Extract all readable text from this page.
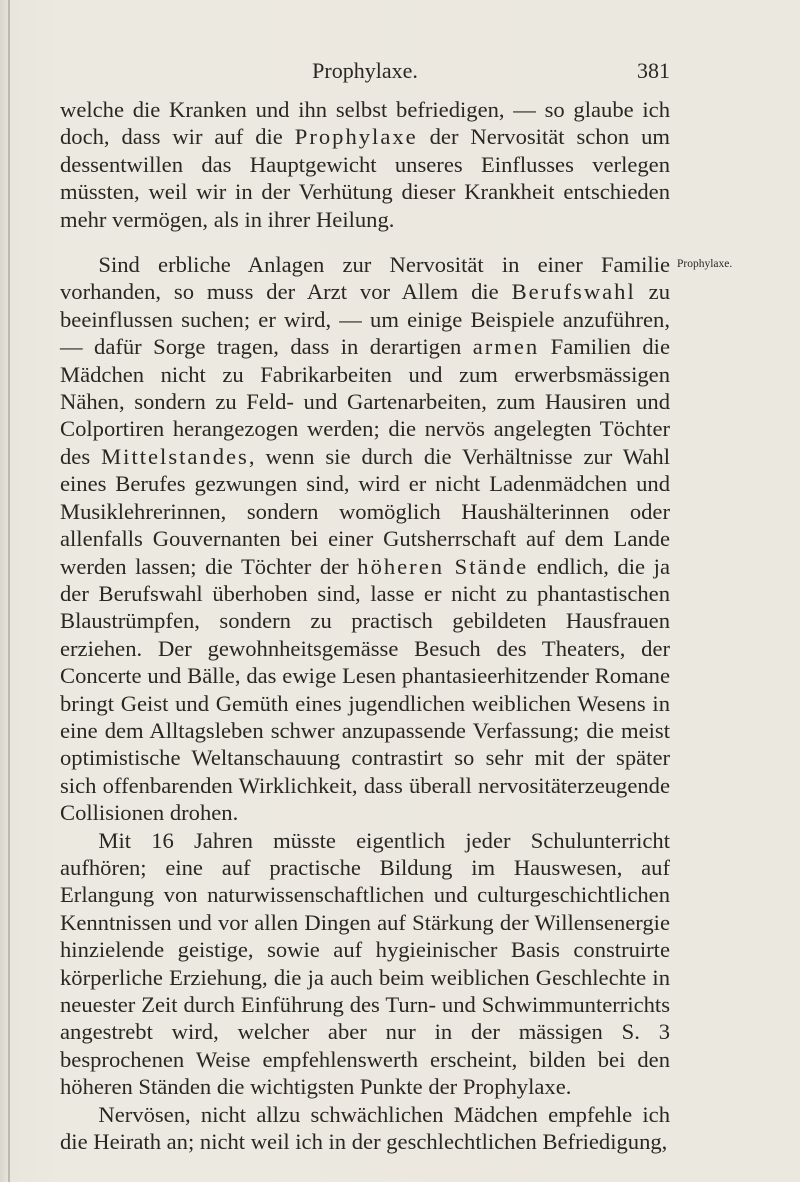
Prophylaxe.	381
Prophylaxe.

welche die Kranken und ihn selbst befriedigen, — so glaube ich doch, dass wir auf die Prophylaxe der Nervosität schon um dessentwillen das Hauptgewicht unseres Einflusses verlegen müssten, weil wir in der Verhütung dieser Krankheit entschieden mehr vermögen, als in ihrer Heilung.

Sind erbliche Anlagen zur Nervosität in einer Familie vorhanden, so muss der Arzt vor Allem die Berufswahl zu beeinflussen suchen; er wird, — um einige Beispiele anzuführen, — dafür Sorge tragen, dass in derartigen armen Familien die Mädchen nicht zu Fabrikarbeiten und zum erwerbsmässigen Nähen, sondern zu Feld- und Gartenarbeiten, zum Hausiren und Colportiren herangezogen werden; die nervös angelegten Töchter des Mittelstandes, wenn sie durch die Verhältnisse zur Wahl eines Berufes gezwungen sind, wird er nicht Ladenmädchen und Musiklehrerinnen, sondern womöglich Haushälterinnen oder allenfalls Gouvernanten bei einer Gutsherrschaft auf dem Lande werden lassen; die Töchter der höheren Stände endlich, die ja der Berufswahl überhoben sind, lasse er nicht zu phantastischen Blaustrümpfen, sondern zu practisch gebildeten Hausfrauen erziehen. Der gewohnheitsgemässe Besuch des Theaters, der Concerte und Bälle, das ewige Lesen phantasieerhitzender Romane bringt Geist und Gemüth eines jugendlichen weiblichen Wesens in eine dem Alltagsleben schwer anzupassende Verfassung; die meist optimistische Weltanschauung contrastirt so sehr mit der später sich offenbarenden Wirklichkeit, dass überall nervositäterzeugende Collisionen drohen.

Mit 16 Jahren müsste eigentlich jeder Schulunterricht aufhören; eine auf practische Bildung im Hauswesen, auf Erlangung von naturwissenschaftlichen und culturgeschichtlichen Kenntnissen und vor allen Dingen auf Stärkung der Willensenergie hinzielende geistige, sowie auf hygieinischer Basis construirte körperliche Erziehung, die ja auch beim weiblichen Geschlechte in neuester Zeit durch Einführung des Turn- und Schwimmunterrichts angestrebt wird, welcher aber nur in der mässigen S. 3 besprochenen Weise empfehlenswerth erscheint, bilden bei den höheren Ständen die wichtigsten Punkte der Prophylaxe.

Nervösen, nicht allzu schwächlichen Mädchen empfehle ich die Heirath an; nicht weil ich in der geschlechtlichen Befriedigung,
